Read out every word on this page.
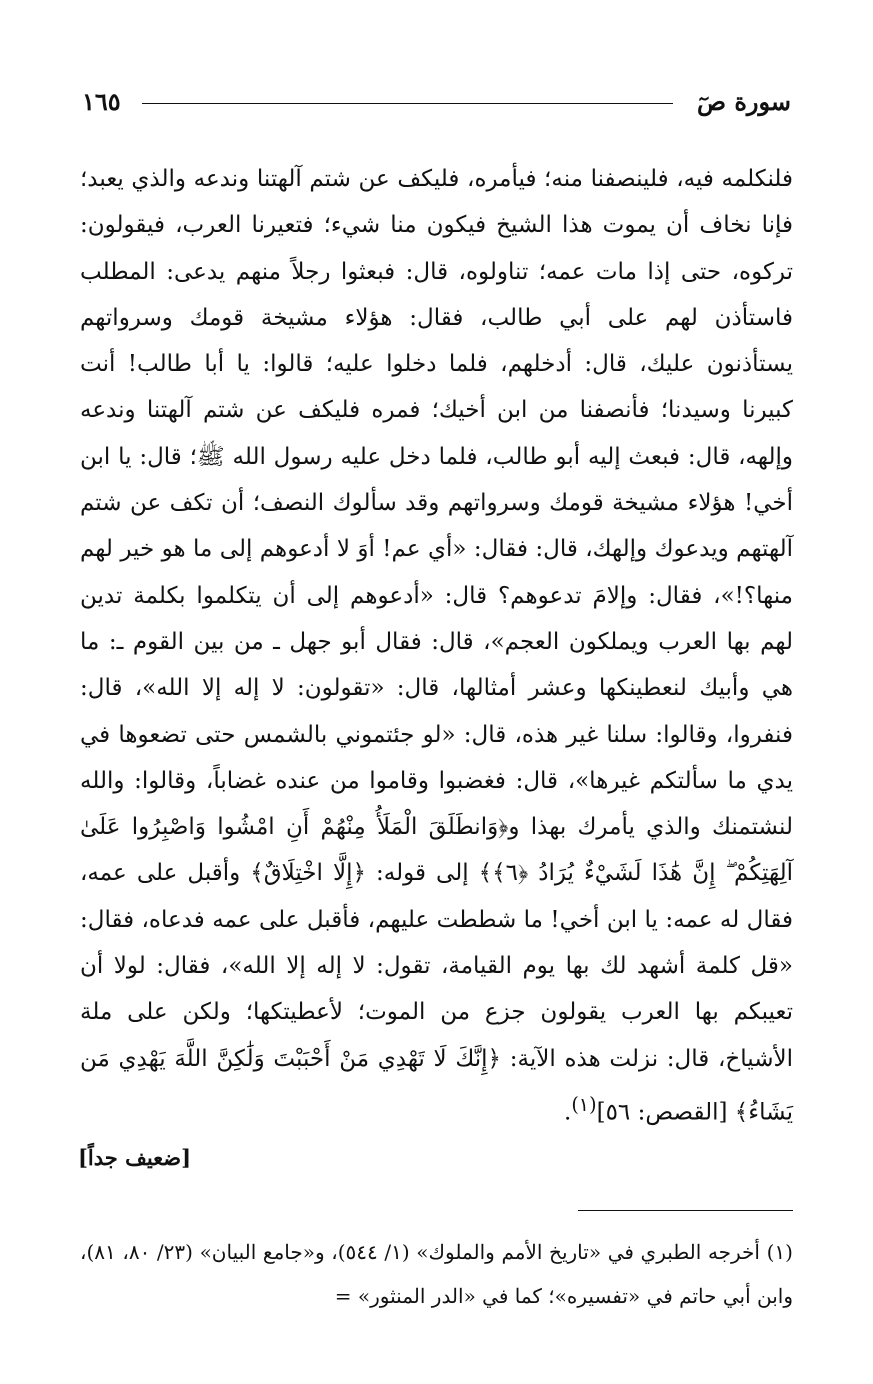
سورة صٓ
١٦٥
فلنكلمه فيه، فلينصفنا منه؛ فيأمره، فليكف عن شتم آلهتنا وندعه والذي يعبد؛ فإنا نخاف أن يموت هذا الشيخ فيكون منا شيء؛ فتعيرنا العرب، فيقولون: تركوه، حتى إذا مات عمه؛ تناولوه، قال: فبعثوا رجلاً منهم يدعى: المطلب فاستأذن لهم على أبي طالب، فقال: هؤلاء مشيخة قومك وسرواتهم يستأذنون عليك، قال: أدخلهم، فلما دخلوا عليه؛ قالوا: يا أبا طالب! أنت كبيرنا وسيدنا؛ فأنصفنا من ابن أخيك؛ فمره فليكف عن شتم آلهتنا وندعه وإلهه، قال: فبعث إليه أبو طالب، فلما دخل عليه رسول الله ﷺ؛ قال: يا ابن أخي! هؤلاء مشيخة قومك وسرواتهم وقد سألوك النصف؛ أن تكف عن شتم آلهتهم ويدعوك وإلهك، قال: فقال: «أي عم! أوَ لا أدعوهم إلى ما هو خير لهم منها؟!»، فقال: وإلامَ تدعوهم؟ قال: «أدعوهم إلى أن يتكلموا بكلمة تدين لهم بها العرب ويملكون العجم»، قال: فقال أبو جهل ـ من بين القوم ـ: ما هي وأبيك لنعطينكها وعشر أمثالها، قال: «تقولون: لا إله إلا الله»، قال: فنفروا، وقالوا: سلنا غير هذه، قال: «لو جئتموني بالشمس حتى تضعوها في يدي ما سألتكم غيرها»، قال: فغضبوا وقاموا من عنده غضاباً، وقالوا: والله لنشتمنك والذي يأمرك بهذا و﴿وَانطَلَقَ الْمَلَأُ مِنْهُمْ أَنِ امْشُوا وَاصْبِرُوا عَلَىٰ آلِهَتِكُمْ ۖ إِنَّ هَٰذَا لَشَيْءٌ يُرَادُ ﴿٦﴾﴾ إلى قوله: ﴿إِلَّا اخْتِلَاقٌ﴾ وأقبل على عمه، فقال له عمه: يا ابن أخي! ما شططت عليهم، فأقبل على عمه فدعاه، فقال: «قل كلمة أشهد لك بها يوم القيامة، تقول: لا إله إلا الله»، فقال: لولا أن تعيبكم بها العرب يقولون جزع من الموت؛ لأعطيتكها؛ ولكن على ملة الأشياخ، قال: نزلت هذه الآية: ﴿إِنَّكَ لَا تَهْدِي مَنْ أَحْبَبْتَ وَلَٰكِنَّ اللَّهَ يَهْدِي مَن يَشَاءُ﴾ [القصص: ٥٦]$^{(١)}$.
[ضعيف جداً]
(١) أخرجه الطبري في «تاريخ الأمم والملوك» (١/ ٥٤٤)، و«جامع البيان» (٢٣/ ٨٠، ٨١)، وابن أبي حاتم في «تفسيره»؛ كما في «الدر المنثور» =
